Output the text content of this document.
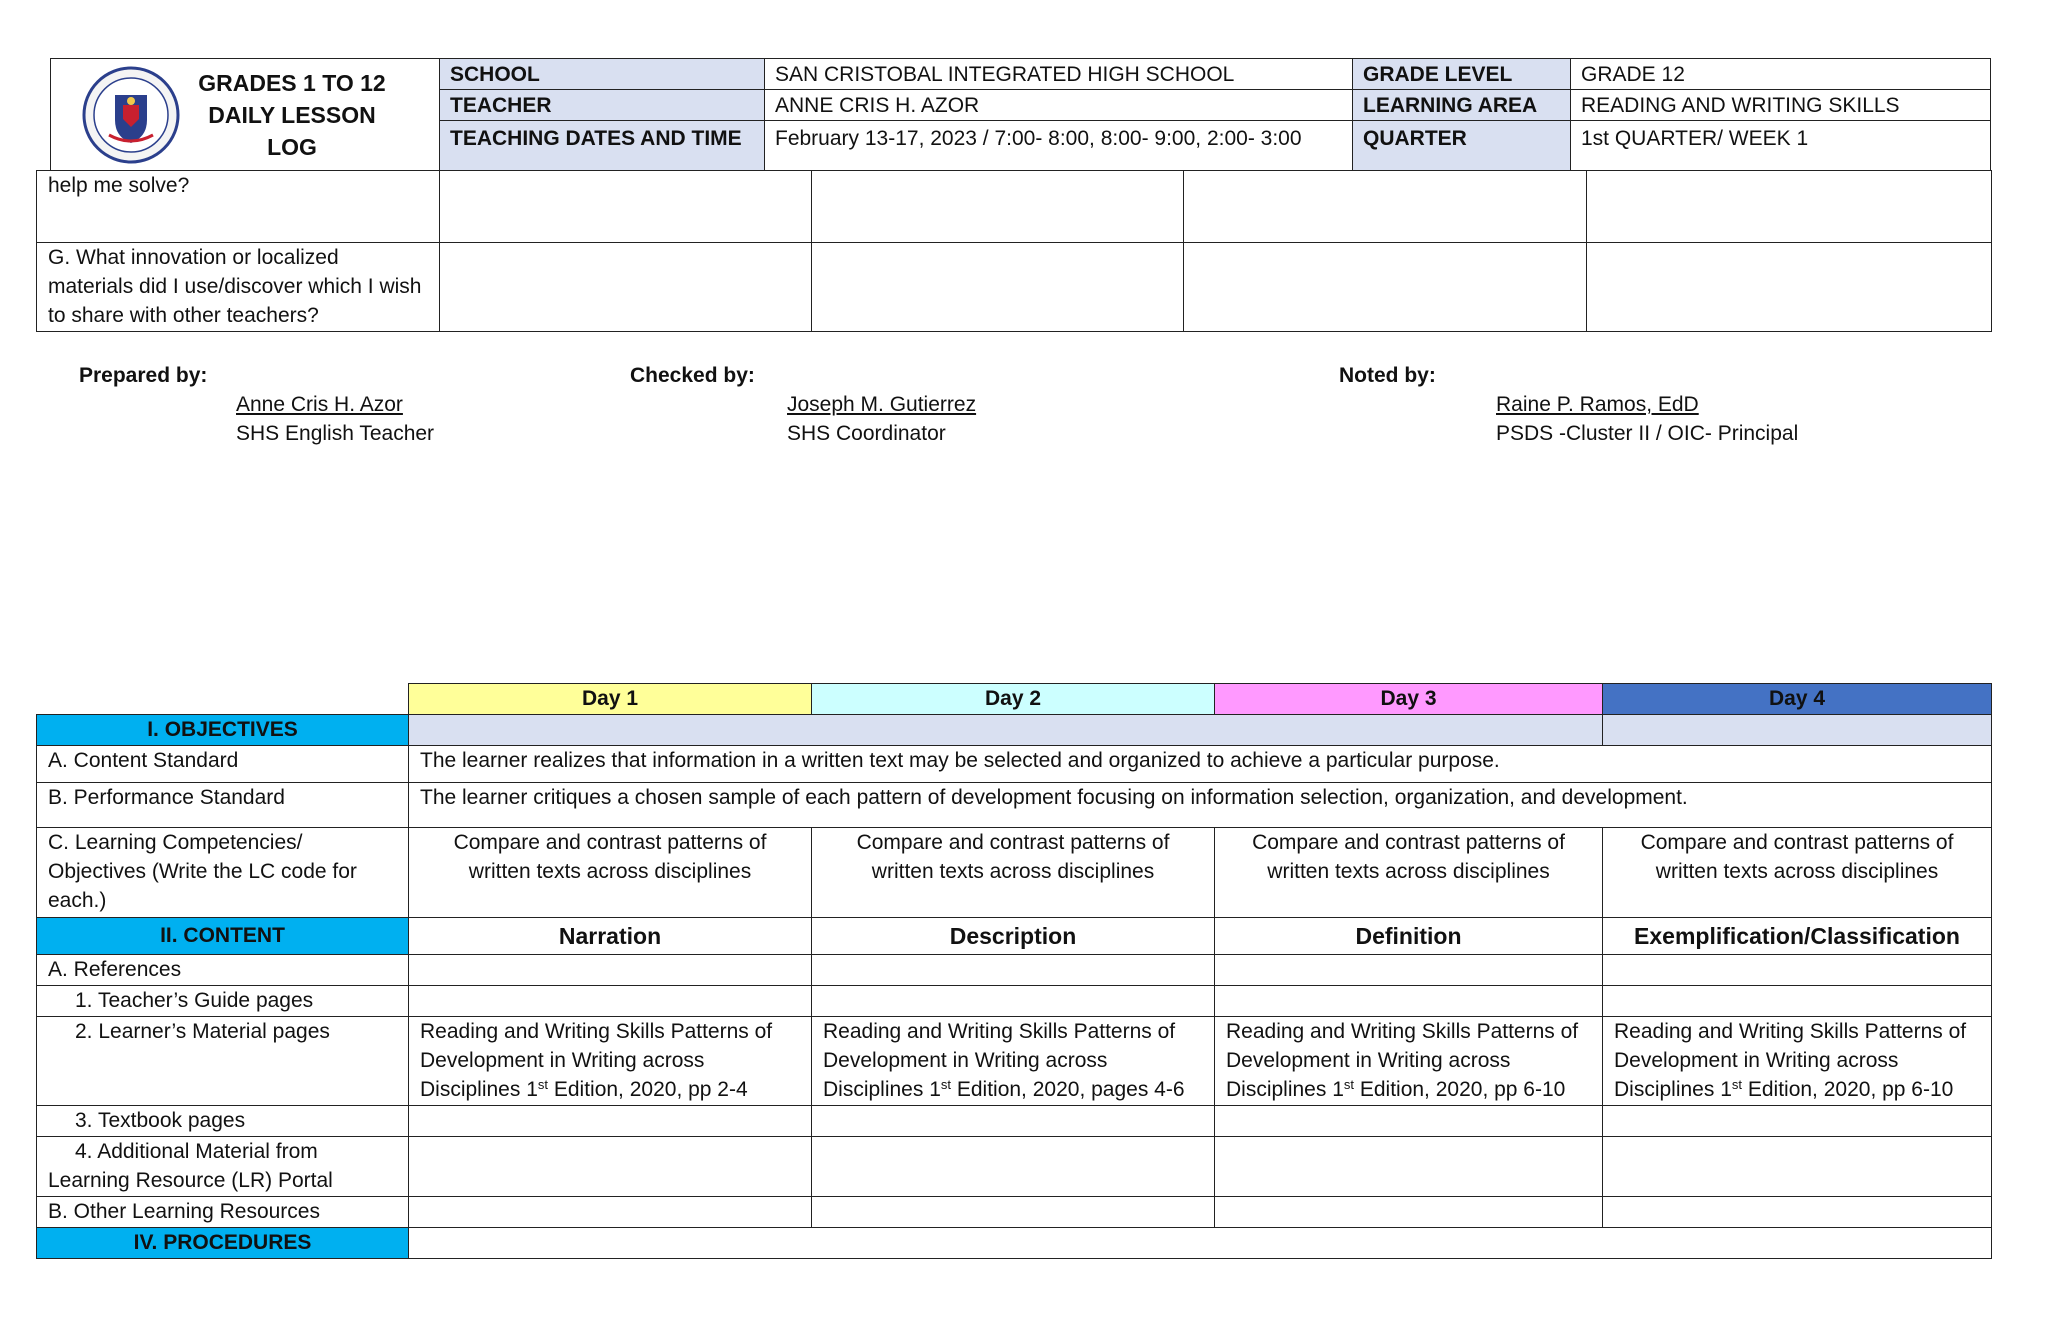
GRADES 1 TO 12
DAILY LESSON LOG	SCHOOL	SAN CRISTOBAL INTEGRATED HIGH SCHOOL	GRADE LEVEL	GRADE 12
	TEACHER	ANNE CRIS H. AZOR	LEARNING AREA	READING AND WRITING SKILLS
	TEACHING DATES AND TIME	February 13-17, 2023 / 7:00- 8:00, 8:00- 9:00, 2:00- 3:00	QUARTER	1st QUARTER/ WEEK 1
help me solve?				
G. What innovation or localized materials did I use/discover which I wish to share with other teachers?				
Prepared by:
Anne Cris H. Azor
SHS English Teacher
Checked by:
Joseph M. Gutierrez
SHS Coordinator
Noted by:
Raine P. Ramos, EdD
PSDS -Cluster II / OIC- Principal
	Day 1	Day 2	Day 3	Day 4
I. OBJECTIVES				
A. Content Standard	The learner realizes that information in a written text may be selected and organized to achieve a particular purpose.			
B. Performance Standard	The learner critiques a chosen sample of each pattern of development focusing on information selection, organization, and development.			
C. Learning Competencies/ Objectives (Write the LC code for each.)	Compare and contrast patterns of written texts across disciplines	Compare and contrast patterns of written texts across disciplines	Compare and contrast patterns of written texts across disciplines	Compare and contrast patterns of written texts across disciplines
II. CONTENT	Narration	Description	Definition	Exemplification/Classification
A. References				
1. Teacher’s Guide pages				
2. Learner’s Material pages	Reading and Writing Skills Patterns of Development in Writing across Disciplines 1st Edition, 2020, pp 2-4	Reading and Writing Skills Patterns of Development in Writing across Disciplines 1st Edition, 2020, pages 4-6	Reading and Writing Skills Patterns of Development in Writing across Disciplines 1st Edition, 2020, pp 6-10	Reading and Writing Skills Patterns of Development in Writing across Disciplines 1st Edition, 2020, pp 6-10
3. Textbook pages				
4. Additional Material from Learning Resource (LR) Portal				
B. Other Learning Resources				
IV. PROCEDURES				
